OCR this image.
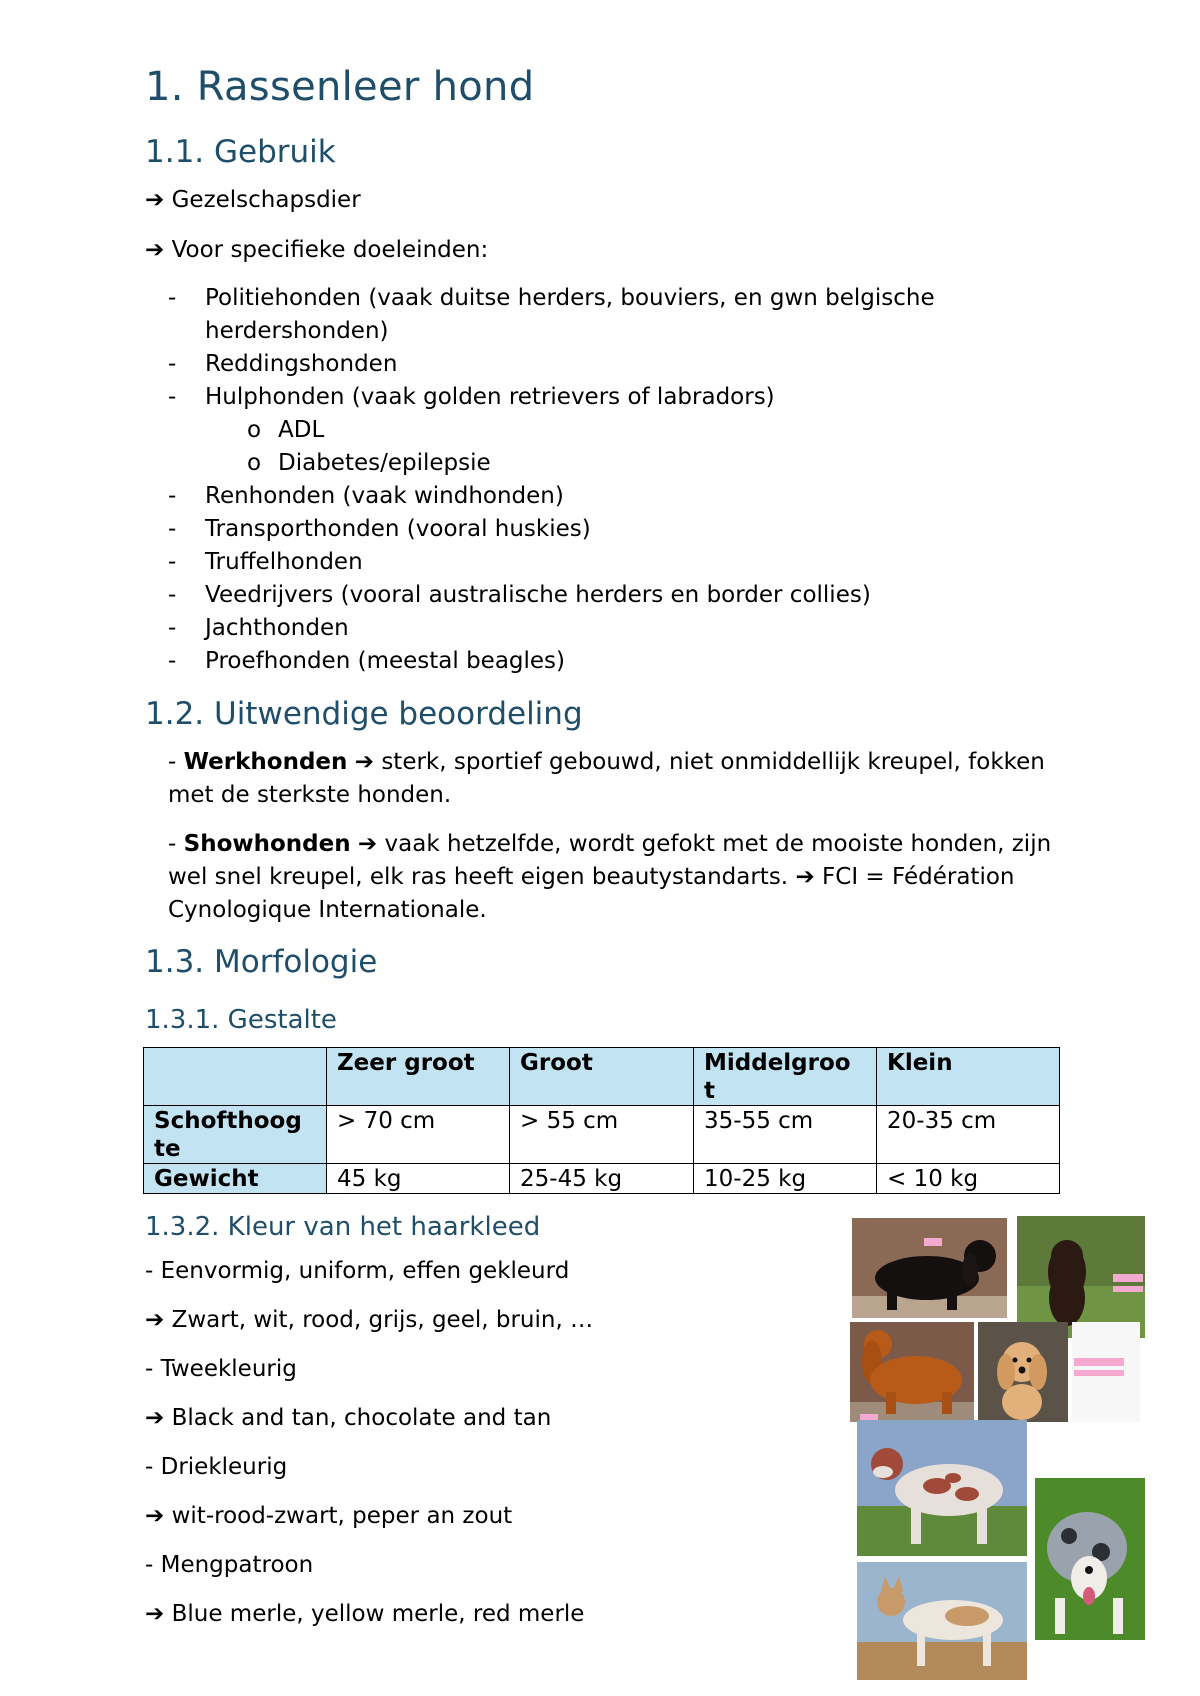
1. Rassenleer hond
1.1. Gebruik

➔ Gezelschapsdier

➔ Voor specifieke doeleinden:

- Politiehonden (vaak duitse herders, bouviers, en gwn belgische herdershonden)
- Reddingshonden
- Hulphonden (vaak golden retrievers of labradors)
o ADL
o Diabetes/epilepsie
- Renhonden (vaak windhonden)
- Transporthonden (vooral huskies)
- Truffelhonden
- Veedrijvers (vooral australische herders en border collies)
- Jachthonden
- Proefhonden (meestal beagles)
1.2. Uitwendige beoordeling

- Werkhonden ➔ sterk, sportief gebouwd, niet onmiddellijk kreupel, fokken met de sterkste honden.

- Showhonden ➔ vaak hetzelfde, wordt gefokt met de mooiste honden, zijn wel snel kreupel, elk ras heeft eigen beautystandarts. ➔ FCI = Fédération Cynologique Internationale.

1.3. Morfologie
1.3.1. Gestalte
	Zeer groot	Groot	Middelgroo t	Klein
Schofthoog te	> 70 cm	> 55 cm	35-55 cm	20-35 cm
Gewicht	45 kg	25-45 kg	10-25 kg	< 10 kg
1.3.2. Kleur van het haarkleed

- Eenvormig, uniform, effen gekleurd

➔ Zwart, wit, rood, grijs, geel, bruin, …

- Tweekleurig

➔ Black and tan, chocolate and tan

- Driekleurig

➔ wit-rood-zwart, peper an zout

- Mengpatroon

➔ Blue merle, yellow merle, red merle
